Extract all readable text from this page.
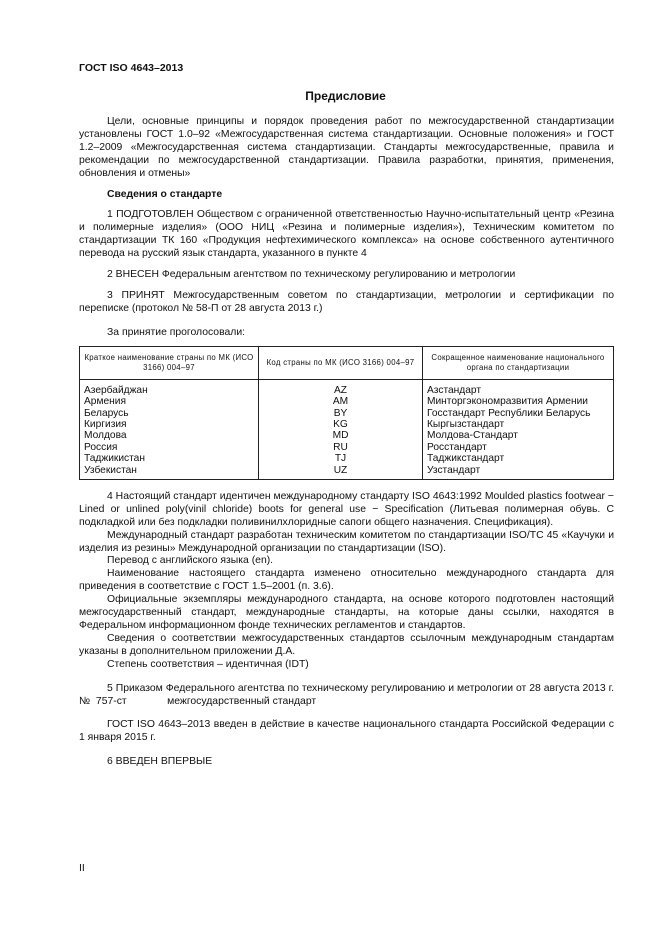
ГОСТ ISO 4643–2013
Предисловие

Цели, основные принципы и порядок проведения работ по межгосударственной стандартизации установлены ГОСТ 1.0–92 «Межгосударственная система стандартизации. Основные положения» и ГОСТ 1.2–2009 «Межгосударственная система стандартизации. Стандарты межгосударственные, правила и рекомендации по межгосударственной стандартизации. Правила разработки, принятия, применения, обновления и отмены»

Сведения о стандарте

1 ПОДГОТОВЛЕН Обществом с ограниченной ответственностью Научно-испытательный центр «Резина и полимерные изделия» (ООО НИЦ «Резина и полимерные изделия»), Техническим комитетом по стандартизации ТК 160 «Продукция нефтехимического комплекса» на основе собственного аутентичного перевода на русский язык стандарта, указанного в пункте 4

2 ВНЕСЕН Федеральным агентством по техническому регулированию и метрологии

3 ПРИНЯТ Межгосударственным советом по стандартизации, метрологии и сертификации по переписке (протокол № 58-П от 28 августа 2013 г.)

За принятие проголосовали:

Краткое наименование страны по МК (ИСО 3166) 004–97	Код страны по МК (ИСО 3166) 004–97	Сокращенное наименование национального органа по стандартизации
Азербайджан	AZ	Азстандарт
Армения	AM	Минторгэкономразвития Армении
Беларусь	BY	Госстандарт Республики Беларусь
Киргизия	KG	Кыргызстандарт
Молдова	MD	Молдова-Стандарт
Россия	RU	Росстандарт
Таджикистан	TJ	Таджикстандарт
Узбекистан	UZ	Узстандарт

4 Настоящий стандарт идентичен международному стандарту ISO 4643:1992 Moulded plastics footwear − Lined or unlined poly(vinil chloride) boots for general use − Specification (Литьевая полимерная обувь. С подкладкой или без подкладки поливинилхлоридные сапоги общего назначения. Спецификация).

Международный стандарт разработан техническим комитетом по стандартизации ISO/TC 45 «Каучуки и изделия из резины» Международной организации по стандартизации (ISO).

Перевод с английского языка (en).

Наименование настоящего стандарта изменено относительно международного стандарта для приведения в соответствие с ГОСТ 1.5–2001 (п. 3.6).

Официальные экземпляры международного стандарта, на основе которого подготовлен настоящий межгосударственный стандарт, международные стандарты, на которые даны ссылки, находятся в Федеральном информационном фонде технических регламентов и стандартов.

Сведения о соответствии межгосударственных стандартов ссылочным международным стандартам указаны в дополнительном приложении Д.А.

Степень соответствия – идентичная (IDT)

5 Приказом Федерального агентства по техническому регулированию и метрологии от 28 августа 2013 г. №  757-ст              межгосударственный стандарт

ГОСТ ISO 4643–2013 введен в действие в качестве национального стандарта Российской Федерации с 1 января 2015 г.

6 ВВЕДЕН ВПЕРВЫЕ

II
